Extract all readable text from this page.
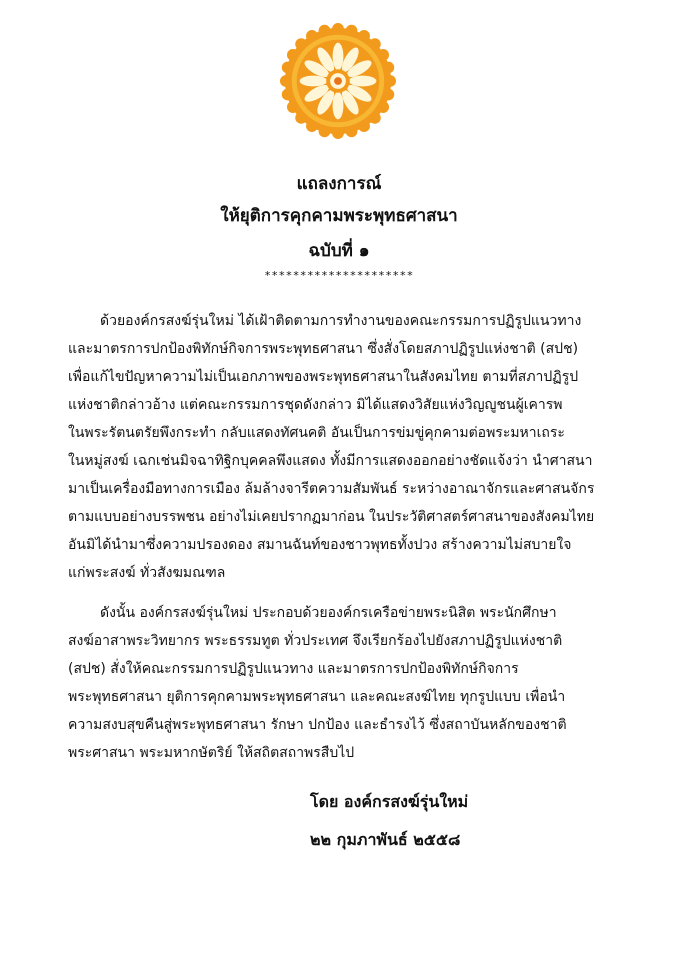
แถลงการณ์
ให้ยุติการคุกคามพระพุทธศาสนา
ฉบับที่ ๑
*********************
ด้วยองค์กรสงฆ์รุ่นใหม่ ได้เฝ้าติดตามการทำงานของคณะกรรมการปฏิรูปแนวทาง
และมาตรการปกป้องพิทักษ์กิจการพระพุทธศาสนา ซึ่งสั่งโดยสภาปฏิรูปแห่งชาติ (สปช)
เพื่อแก้ไขปัญหาความไม่เป็นเอกภาพของพระพุทธศาสนาในสังคมไทย ตามที่สภาปฏิรูป
แห่งชาติกล่าวอ้าง แต่คณะกรรมการชุดดังกล่าว มิได้แสดงวิสัยแห่งวิญญูชนผู้เคารพ
ในพระรัตนตรัยพึงกระทำ กลับแสดงทัศนคติ อันเป็นการข่มขู่คุกคามต่อพระมหาเถระ
ในหมู่สงฆ์ เฉกเช่นมิจฉาทิฐิกบุคคลพึงแสดง ทั้งมีการแสดงออกอย่างชัดแจ้งว่า นำศาสนา
มาเป็นเครื่องมือทางการเมือง ล้มล้างจารีตความสัมพันธ์ ระหว่างอาณาจักรและศาสนจักร
ตามแบบอย่างบรรพชน อย่างไม่เคยปรากฏมาก่อน ในประวัติศาสตร์ศาสนาของสังคมไทย
อันมิได้นำมาซึ่งความปรองดอง สมานฉันท์ของชาวพุทธทั้งปวง สร้างความไม่สบายใจ
แก่พระสงฆ์ ทั่วสังฆมณฑล
ดังนั้น องค์กรสงฆ์รุ่นใหม่ ประกอบด้วยองค์กรเครือข่ายพระนิสิต พระนักศึกษา
สงฆ์อาสาพระวิทยากร พระธรรมทูต ทั่วประเทศ จึงเรียกร้องไปยังสภาปฏิรูปแห่งชาติ
(สปช) สั่งให้คณะกรรมการปฏิรูปแนวทาง และมาตรการปกป้องพิทักษ์กิจการ
พระพุทธศาสนา ยุติการคุกคามพระพุทธศาสนา และคณะสงฆ์ไทย ทุกรูปแบบ เพื่อนำ
ความสงบสุขคืนสู่พระพุทธศาสนา รักษา ปกป้อง และธำรงไว้ ซึ่งสถาบันหลักของชาติ
พระศาสนา พระมหากษัตริย์ ให้สถิตสถาพรสืบไป
โดย องค์กรสงฆ์รุ่นใหม่
๒๒ กุมภาพันธ์ ๒๕๕๘
